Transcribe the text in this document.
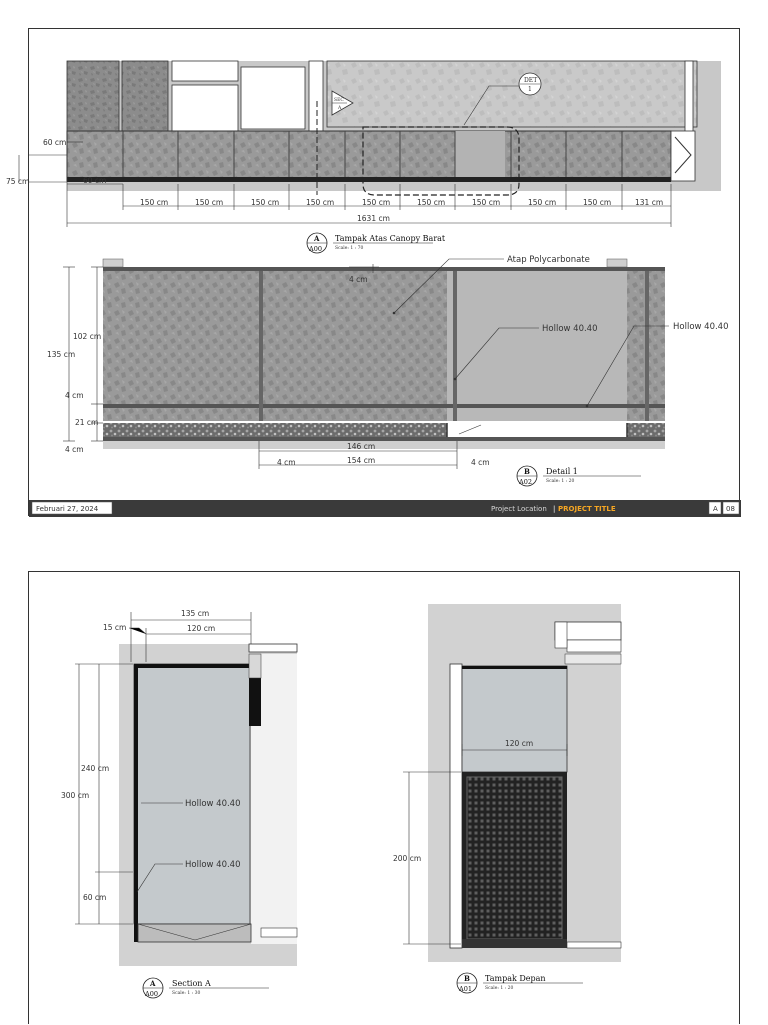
SEC
A
DET
1
60 cm
75 cm	60 cm
150 cm	150 cm	150 cm	150 cm	150 cm	150 cm	150 cm	150 cm	150 cm	131 cm
1631 cm
A
A00
Tampak Atas Canopy Barat
Scale: 1 : 70
Atap Polycarbonate
Hollow 40.40	Hollow 40.40
4 cm
102 cm
135 cm
4 cm
21 cm
4 cm	146 cm
154 cm
4 cm	4 cm
B
A02
Detail 1
Scale: 1 : 20
Februari 27, 2024	Project Location | PROJECT TITLE	A 08
Hollow 40.40
Hollow 40.40
135 cm
15 cm	120 cm
240 cm
300 cm
60 cm
A
A00
Section A
Scale: 1 : 30
120 cm
200 cm
B
A01
Tampak Depan
Scale: 1 : 20
